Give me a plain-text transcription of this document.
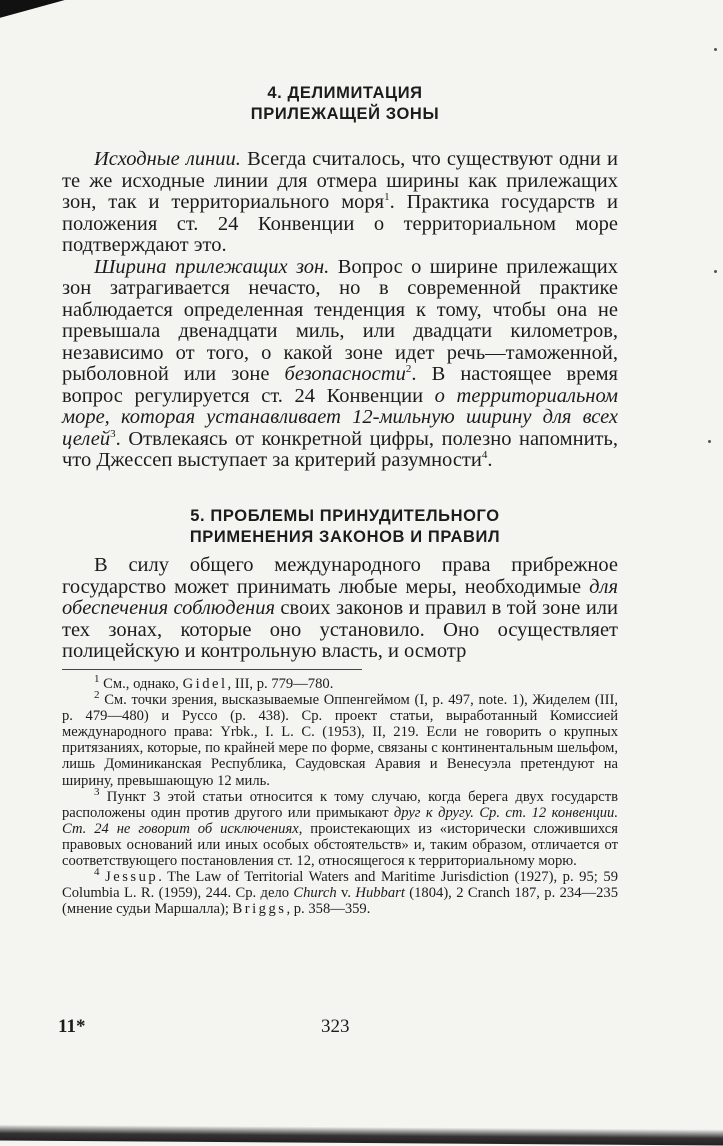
4. ДЕЛИМИТАЦИЯ
ПРИЛЕЖАЩЕЙ ЗОНЫ

Исходные линии. Всегда считалось, что существуют одни и те же исходные линии для отмера ширины как прилежащих зон, так и территориального моря$^1$. Практика государств и положения ст. 24 Конвенции о территориальном море подтверждают это.

Ширина прилежащих зон. Вопрос о ширине прилежащих зон затрагивается нечасто, но в современной практике наблюдается определенная тенденция к тому, чтобы она не превышала двенадцати миль, или двадцати километров, независимо от того, о какой зоне идет речь—таможенной, рыболовной или зоне безопасности$^2$. В настоящее время вопрос регулируется ст. 24 Конвенции о территориальном море, которая устанавливает 12-мильную ширину для всех целей$^3$. Отвлекаясь от конкретной цифры, полезно напомнить, что Джессеп выступает за критерий разумности$^4$.

5. ПРОБЛЕМЫ ПРИНУДИТЕЛЬНОГО
ПРИМЕНЕНИЯ ЗАКОНОВ И ПРАВИЛ

В силу общего международного права прибрежное государство может принимать любые меры, необходимые для обеспечения соблюдения своих законов и правил в той зоне или тех зонах, которые оно установило. Оно осуществляет полицейскую и контрольную власть, и осмотр

$^1$ См., однако, Gidel, III, p. 779—780.

$^2$ См. точки зрения, высказываемые Оппенгеймом (I, p. 497, note. 1), Жиделем (III, p. 479—480) и Руссо (p. 438). Ср. проект статьи, выработанный Комиссией международного права: Yrbk., I. L. C. (1953), II, 219. Если не говорить о крупных притязаниях, которые, по крайней мере по форме, связаны с континентальным шельфом, лишь Доминиканская Республика, Саудовская Аравия и Венесуэла претендуют на ширину, превышающую 12 миль.

$^3$ Пункт 3 этой статьи относится к тому случаю, когда берега двух государств расположены один против другого или примыкают друг к другу. Ср. ст. 12 конвенции. Ст. 24 не говорит об исключениях, проистекающих из «исторически сложившихся правовых оснований или иных особых обстоятельств» и, таким образом, отличается от соответствующего постановления ст. 12, относящегося к территориальному морю.

$^4$ Jessup. The Law of Territorial Waters and Maritime Jurisdiction (1927), p. 95; 59 Columbia L. R. (1959), 244. Ср. дело Church v. Hubbart (1804), 2 Cranch 187, p. 234—235 (мнение судьи Маршалла); Briggs, p. 358—359.

11*	323
